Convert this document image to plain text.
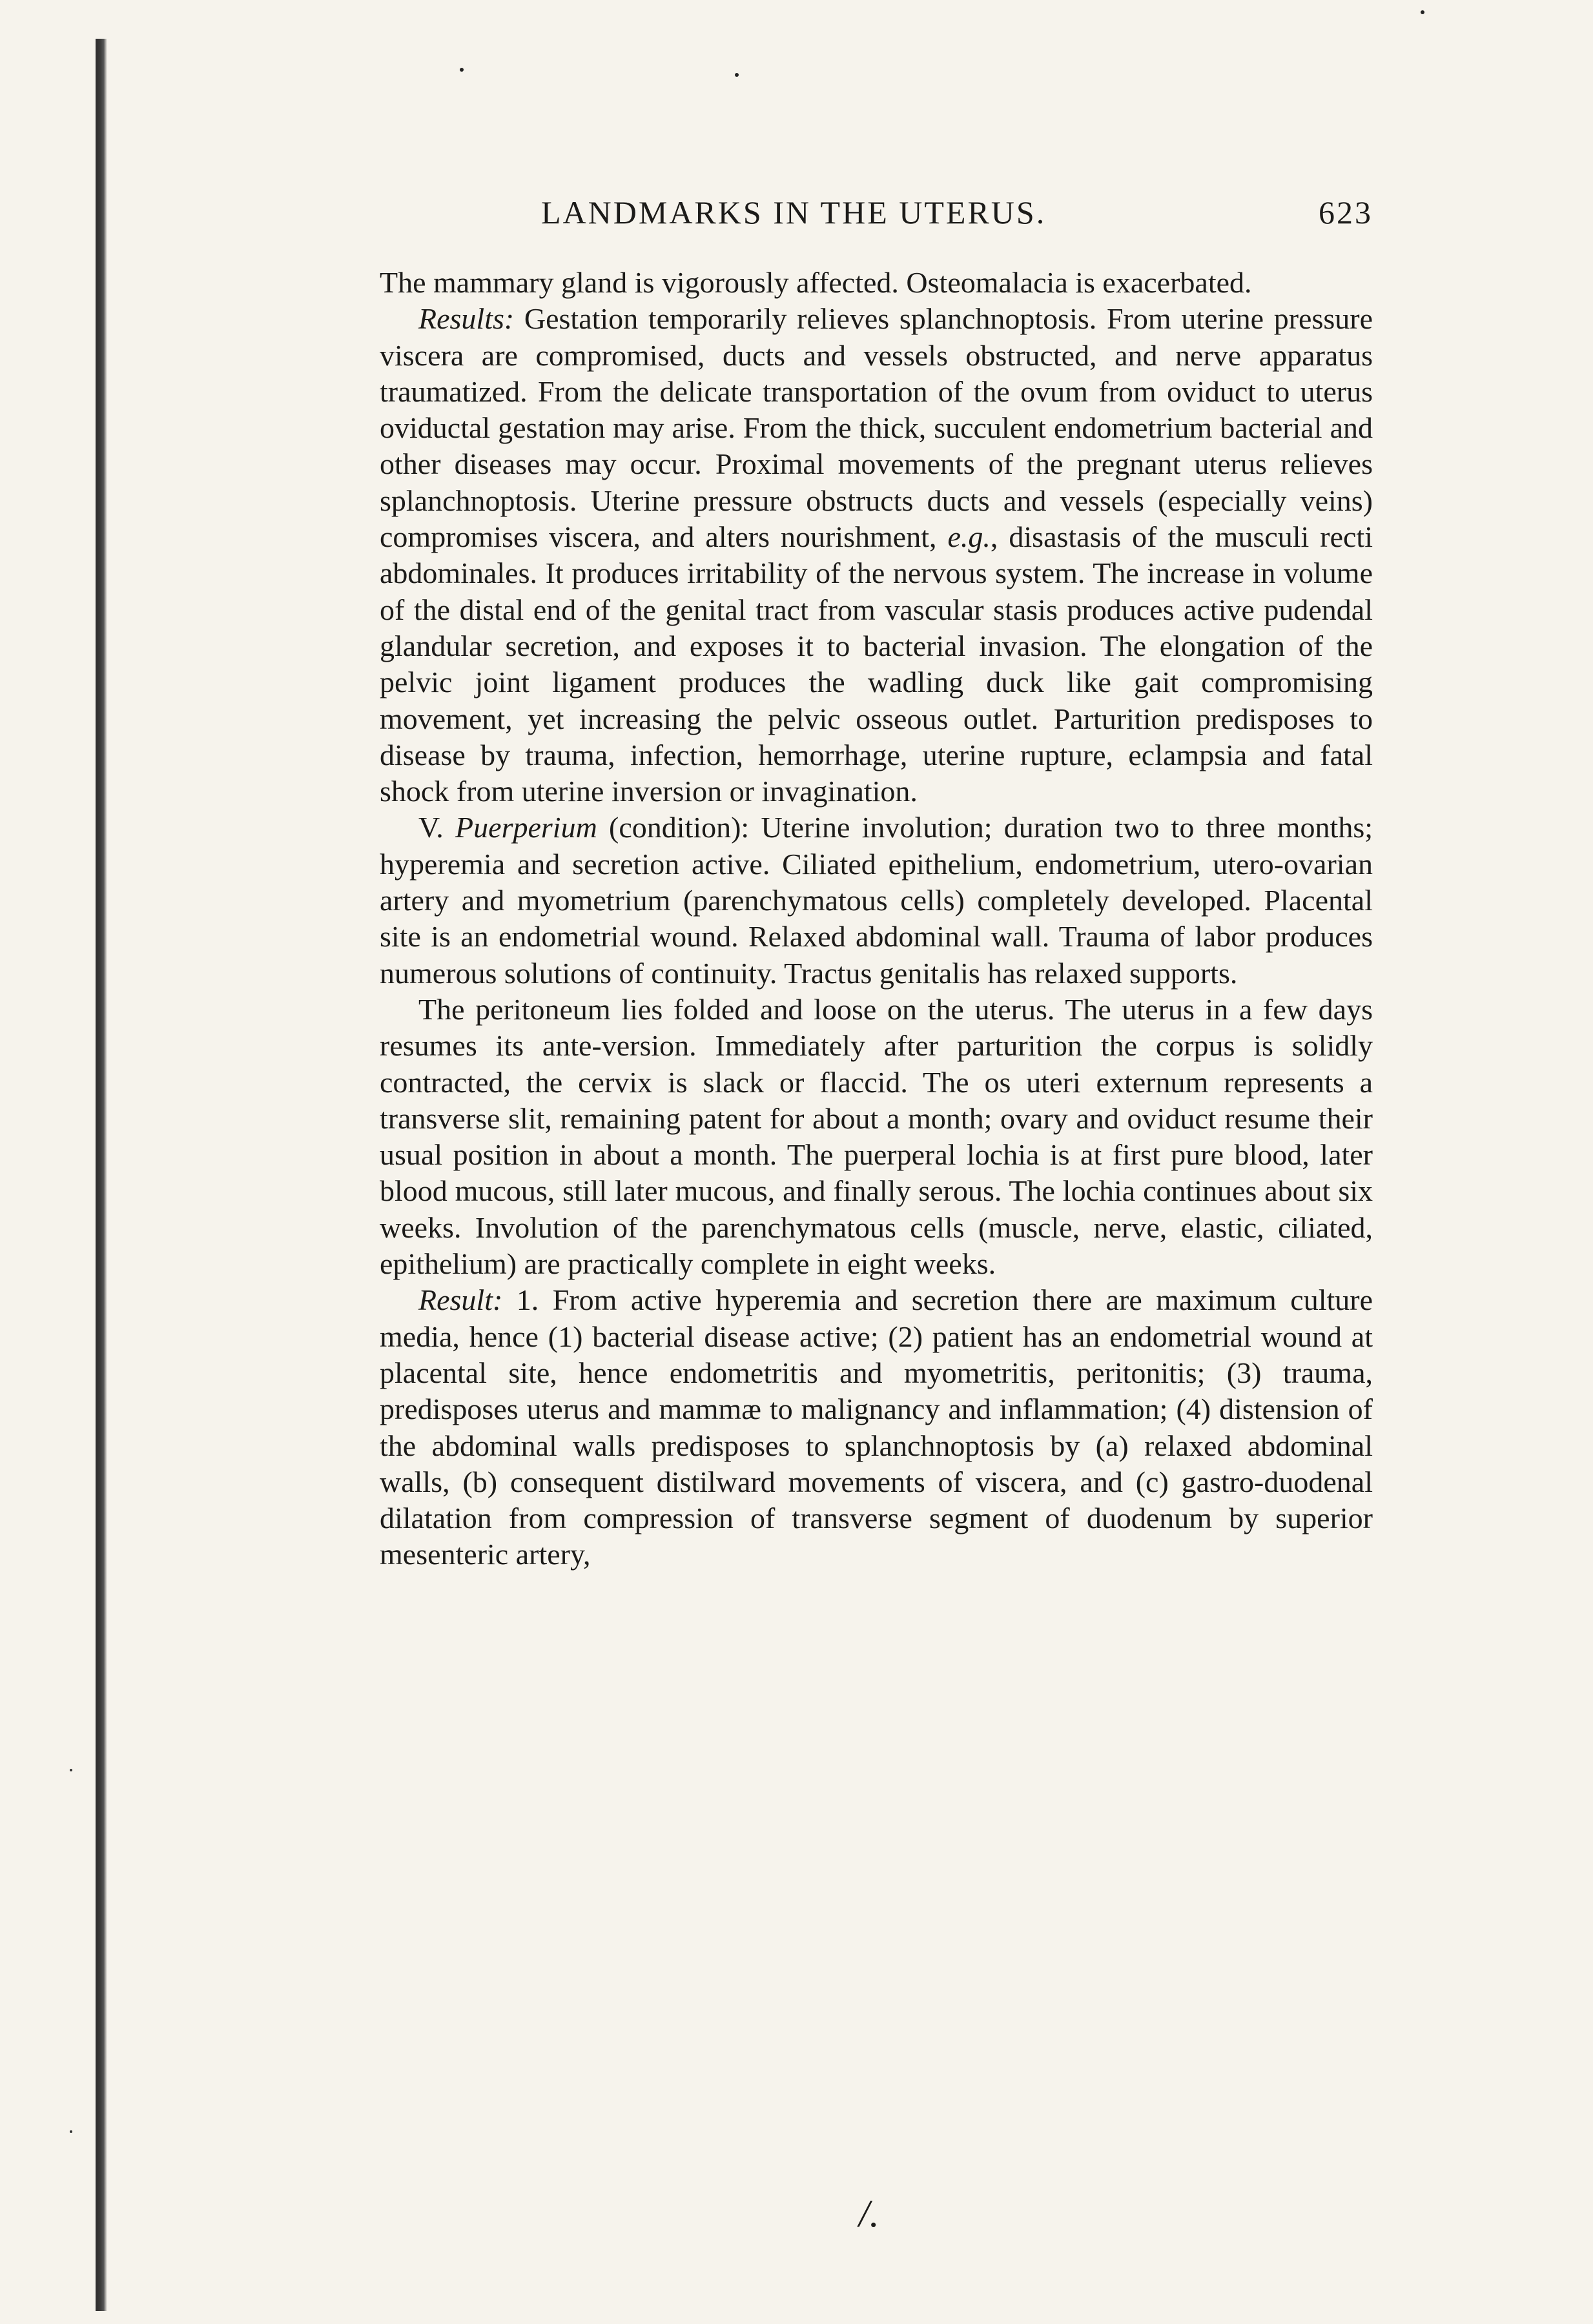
LANDMARKS IN THE UTERUS.	623

The mammary gland is vigorously affected. Osteomalacia is exacerbated.

Results: Gestation temporarily relieves splanchnoptosis. From uterine pressure viscera are compromised, ducts and vessels obstructed, and nerve apparatus traumatized. From the delicate transportation of the ovum from oviduct to uterus oviductal gestation may arise. From the thick, succulent endometrium bacterial and other diseases may occur. Proximal movements of the pregnant uterus relieves splanchnoptosis. Uterine pressure obstructs ducts and vessels (especially veins) compromises viscera, and alters nourishment, e.g., disastasis of the musculi recti abdominales. It produces irritability of the nervous system. The increase in volume of the distal end of the genital tract from vascular stasis produces active pudendal glandular secretion, and exposes it to bacterial invasion. The elongation of the pelvic joint ligament produces the wadling duck like gait compromising movement, yet increasing the pelvic osseous outlet. Parturition predisposes to disease by trauma, infection, hemorrhage, uterine rupture, eclampsia and fatal shock from uterine inversion or invagination.

V. Puerperium (condition): Uterine involution; duration two to three months; hyperemia and secretion active. Ciliated epithelium, endometrium, utero-ovarian artery and myometrium (parenchymatous cells) completely developed. Placental site is an endometrial wound. Relaxed abdominal wall. Trauma of labor produces numerous solutions of continuity. Tractus genitalis has relaxed supports.

The peritoneum lies folded and loose on the uterus. The uterus in a few days resumes its ante-version. Immediately after parturition the corpus is solidly contracted, the cervix is slack or flaccid. The os uteri externum represents a transverse slit, remaining patent for about a month; ovary and oviduct resume their usual position in about a month. The puerperal lochia is at first pure blood, later blood mucous, still later mucous, and finally serous. The lochia continues about six weeks. Involution of the parenchymatous cells (muscle, nerve, elastic, ciliated, epithelium) are practically complete in eight weeks.

Result: 1. From active hyperemia and secretion there are maximum culture media, hence (1) bacterial disease active; (2) patient has an endometrial wound at placental site, hence endometritis and myometritis, peritonitis; (3) trauma, predisposes uterus and mammæ to malignancy and inflammation; (4) distension of the abdominal walls predisposes to splanchnoptosis by (a) relaxed abdominal walls, (b) consequent distilward movements of viscera, and (c) gastro-duodenal dilatation from compression of transverse segment of duodenum by superior mesenteric artery,

/.
